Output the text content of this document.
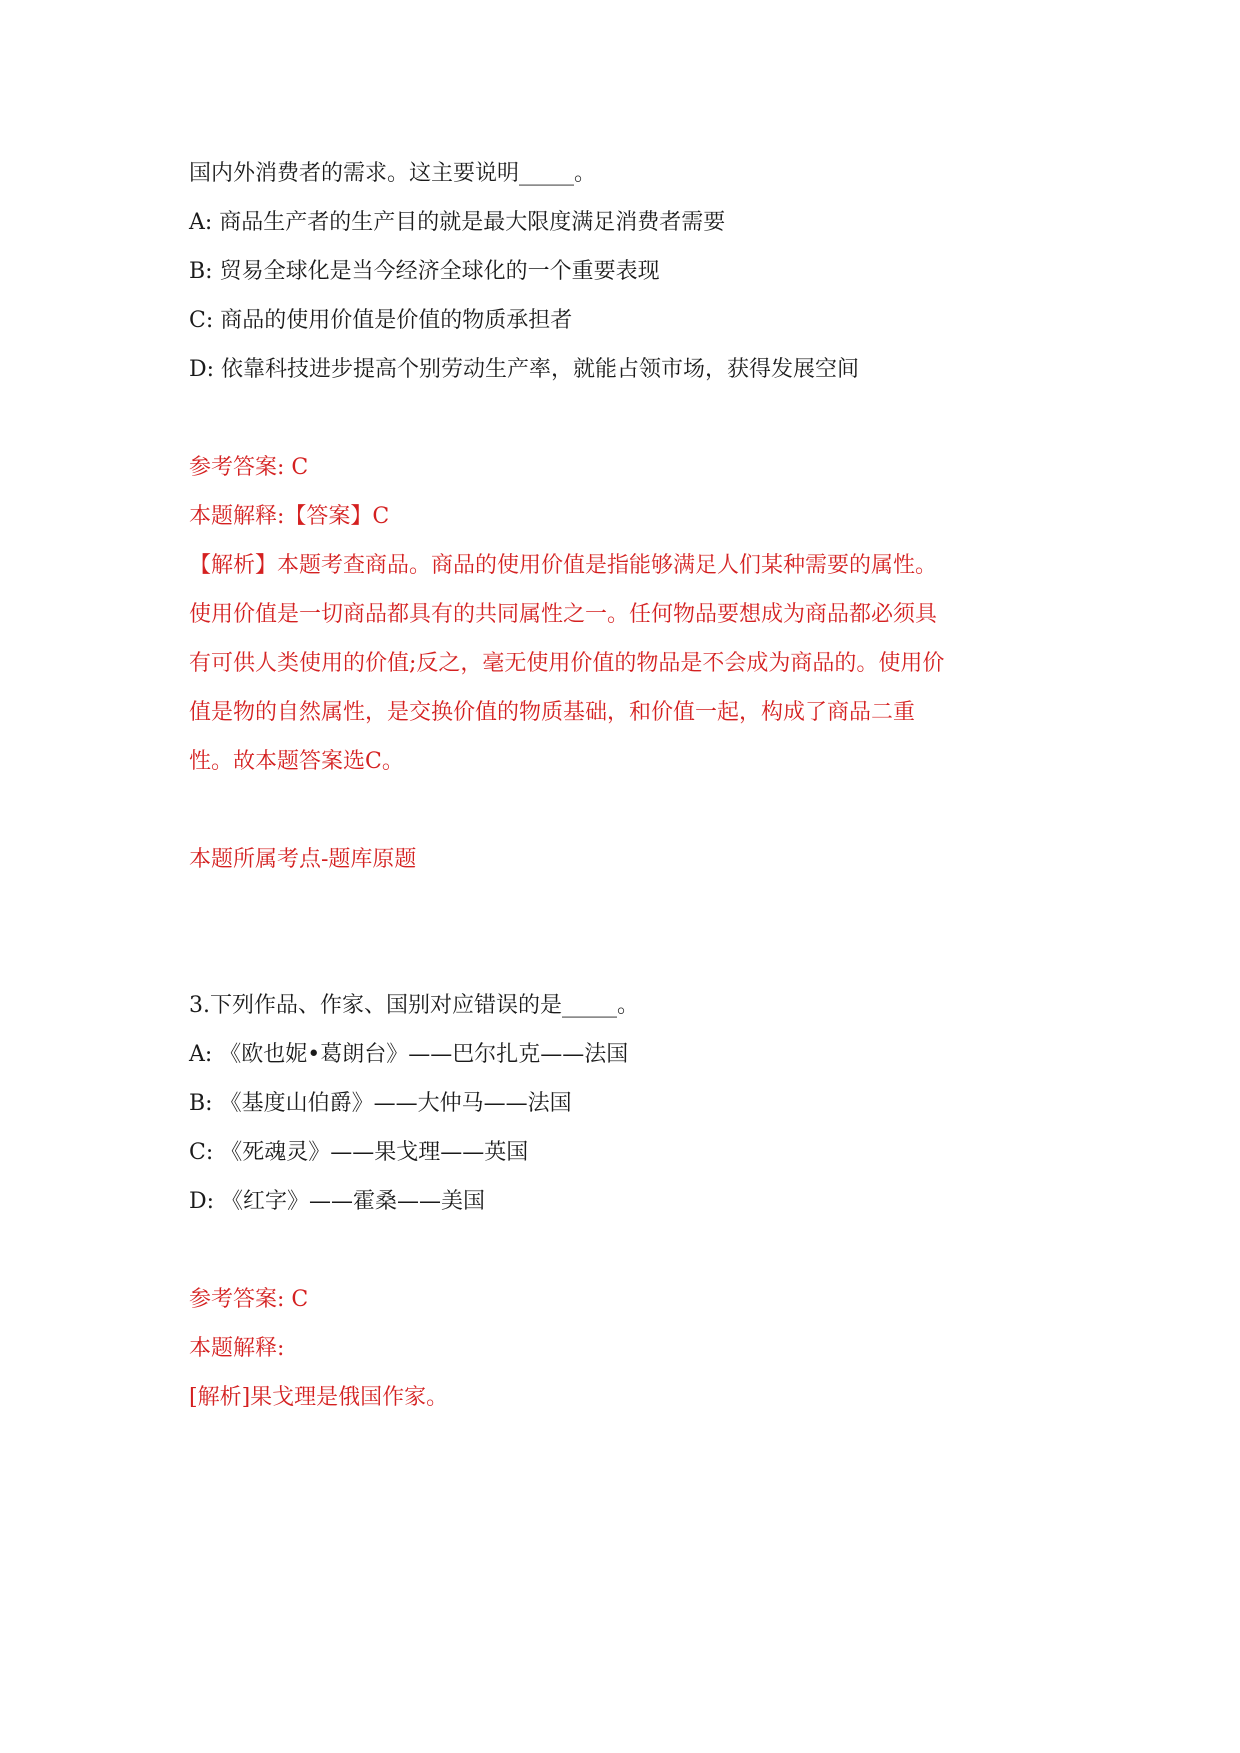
国内外消费者的需求。这主要说明_____。
A: 商品生产者的生产目的就是最大限度满足消费者需要
B: 贸易全球化是当今经济全球化的一个重要表现
C: 商品的使用价值是价值的物质承担者
D: 依靠科技进步提高个别劳动生产率，就能占领市场，获得发展空间
参考答案: C
本题解释:【答案】C
【解析】本题考查商品。商品的使用价值是指能够满足人们某种需要的属性。
使用价值是一切商品都具有的共同属性之一。任何物品要想成为商品都必须具
有可供人类使用的价值;反之，毫无使用价值的物品是不会成为商品的。使用价
值是物的自然属性，是交换价值的物质基础，和价值一起，构成了商品二重
性。故本题答案选C。
本题所属考点-题库原题
3.下列作品、作家、国别对应错误的是_____。
A: 《欧也妮•葛朗台》——巴尔扎克——法国
B: 《基度山伯爵》——大仲马——法国
C: 《死魂灵》——果戈理——英国
D: 《红字》——霍桑——美国
参考答案: C
本题解释:
[解析]果戈理是俄国作家。
